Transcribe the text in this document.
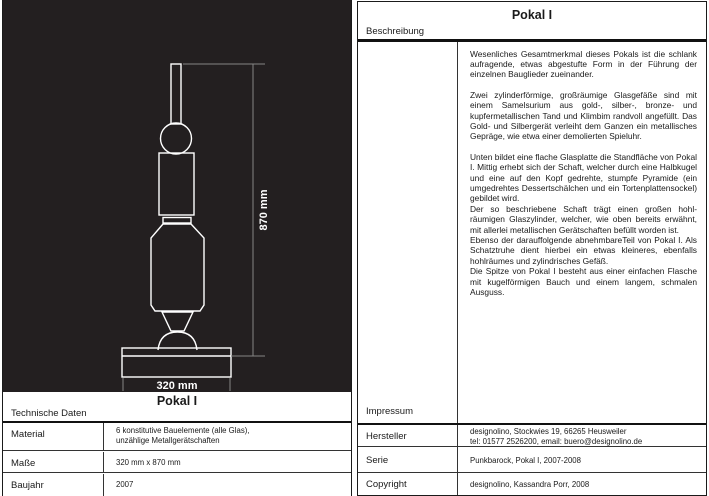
320 mm
870 mm
Pokal I
Technische Daten
Material	6 konstitutive Bauelemente (alle Glas),
unzählige Metallgerätschaften
Maße	320 mm x 870 mm
Baujahr	2007
Pokal I
Beschreibung

Wesenliches Gesamtmerkmal dieses Pokals ist die schlank aufragende, etwas abgestufte Form in der Führung der einzelnen Bauglieder zueinander.

Zwei zylinderförmige, großräumige Glasgefäße sind mit einem Samelsurium aus gold-, silber-, bronze- und kupfermetallischen Tand und Klimbim randvoll angefüllt. Das Gold- und Silbergerät verleiht dem Ganzen ein metallisches Gepräge, wie etwa einer demolierten Spieluhr.

Unten bildet eine flache Glasplatte die Standfläche von Pokal I. Mittig erhebt sich der Schaft, welcher durch eine Halbkugel und eine auf den Kopf gedrehte, stumpfe Pyramide (ein umgedrehtes Dessertschälchen und ein Tortenplattensockel) gebildet wird.

Der so beschriebene Schaft trägt einen großen hohl-räumigen Glaszylinder, welcher, wie oben bereits erwähnt, mit allerlei metallischen Gerätschaften befüllt worden ist.

Ebenso der darauffolgende abnehmbareTeil von Pokal I. Als Schatztruhe dient hierbei ein etwas kleineres, ebenfalls hohlräumes und zylindrisches Gefäß.

Die Spitze von Pokal I besteht aus einer einfachen Flasche mit kugelförmigen Bauch und einem langem, schmalen Ausguss.

Impressum
Hersteller	designolino, Stockwies 19, 66265 Heusweiler
tel: 01577 2526200, email: buero@designolino.de
Serie	Punkbarock, Pokal I, 2007-2008
Copyright	designolino, Kassandra Porr, 2008
